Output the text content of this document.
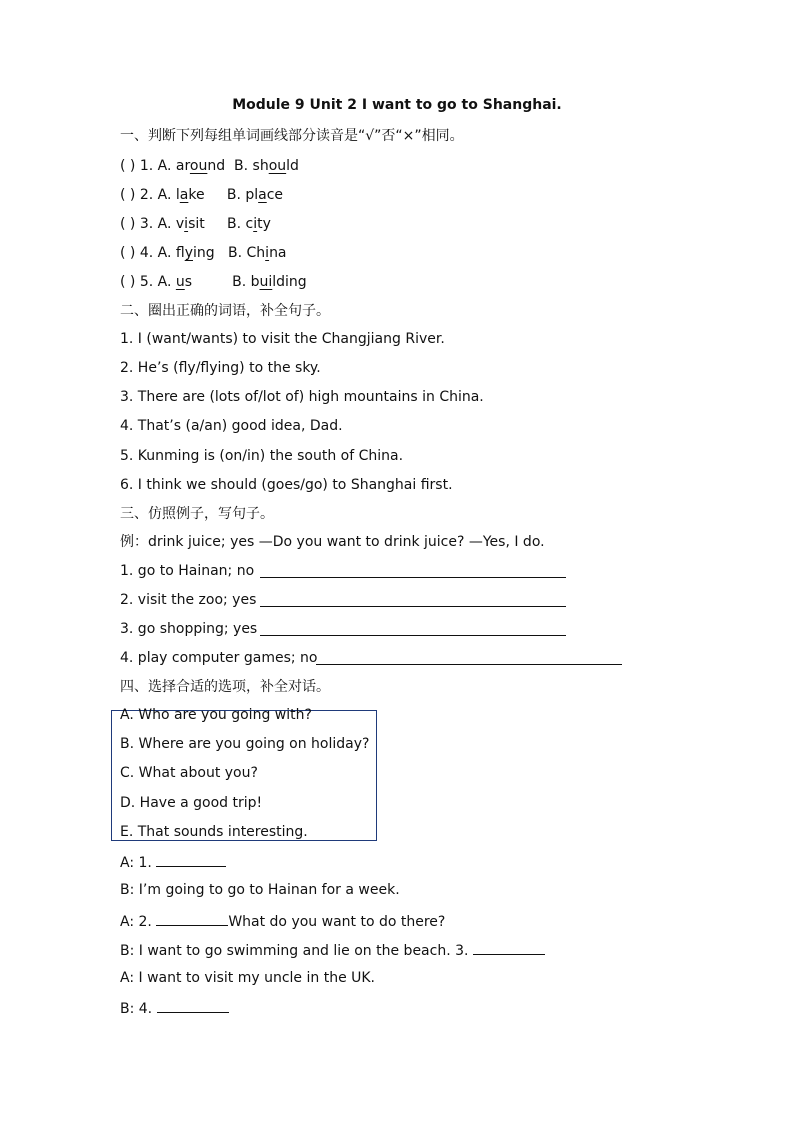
Module 9 Unit 2 I want to go to Shanghai.
一、判断下列每组单词画线部分读音是“√”否“×”相同。
( ) 1. A. around  B. should
( ) 2. A. lake     B. place
( ) 3. A. visit     B. city
( ) 4. A. flying   B. China
( ) 5. A. us         B. building
二、圈出正确的词语，补全句子。
1. I (want/wants) to visit the Changjiang River.
2. He’s (fly/flying) to the sky.
3. There are (lots of/lot of) high mountains in China.
4. That’s (a/an) good idea, Dad.
5. Kunming is (on/in) the south of China.
6. I think we should (goes/go) to Shanghai first.
三、仿照例子，写句子。
例：drink juice; yes —Do you want to drink juice? —Yes, I do.
1. go to Hainan; no
2. visit the zoo; yes
3. go shopping; yes
4. play computer games; no
四、选择合适的选项，补全对话。
A. Who are you going with?
B. Where are you going on holiday?
C. What about you?
D. Have a good trip!
E. That sounds interesting.
A: 1.
B: I’m going to go to Hainan for a week.
A: 2.	What do you want to do there?
B: I want to go swimming and lie on the beach. 3.
A: I want to visit my uncle in the UK.
B: 4.
